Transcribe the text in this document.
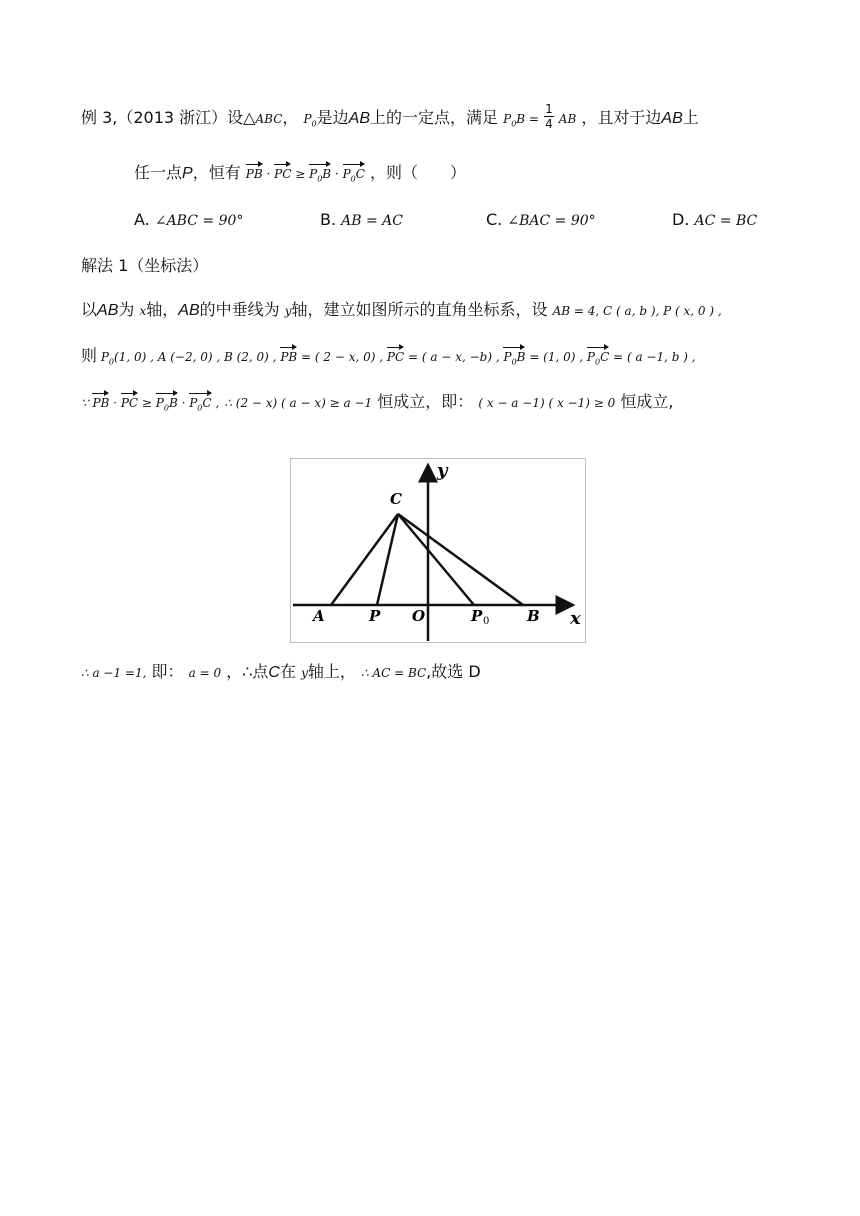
例 3,（2013 浙江）设△ABC， $P_0$是边AB上的一定点，满足 $P_0B = \frac{1}{4}$ AB ，且对于边AB上
任一点P，恒有 PB · PC ≥ $P_0B \cdot P_0C$ ，则（　　）
A. ∠ABC = 90°	B. AB = AC	C. ∠BAC = 90°	D. AC = BC
解法 1（坐标法）
以AB为 x轴，AB的中垂线为 y轴，建立如图所示的直角坐标系，设 AB = 4, C ( a, b ), P ( x, 0 ) ,
则 $P_0(1$, 0) , A (−2, 0) , B (2, 0) , PB = ( 2 − x, 0) , PC = ( a − x, −b) , $P_0B = (1$, 0) , $P_0C$ = ( a −1, b ) ,
∵ PB · PC ≥ $P_0B \cdot P_0C$ , ∴ (2 − x) ( a − x) ≥ a −1 恒成立，即： ( x − a −1) ( x −1) ≥ 0 恒成立,
y
x
C
A	P O	P 0	B
∴ a −1 =1, 即： a = 0 ，∴点C在 y轴上， ∴ AC = BC,故选 D
